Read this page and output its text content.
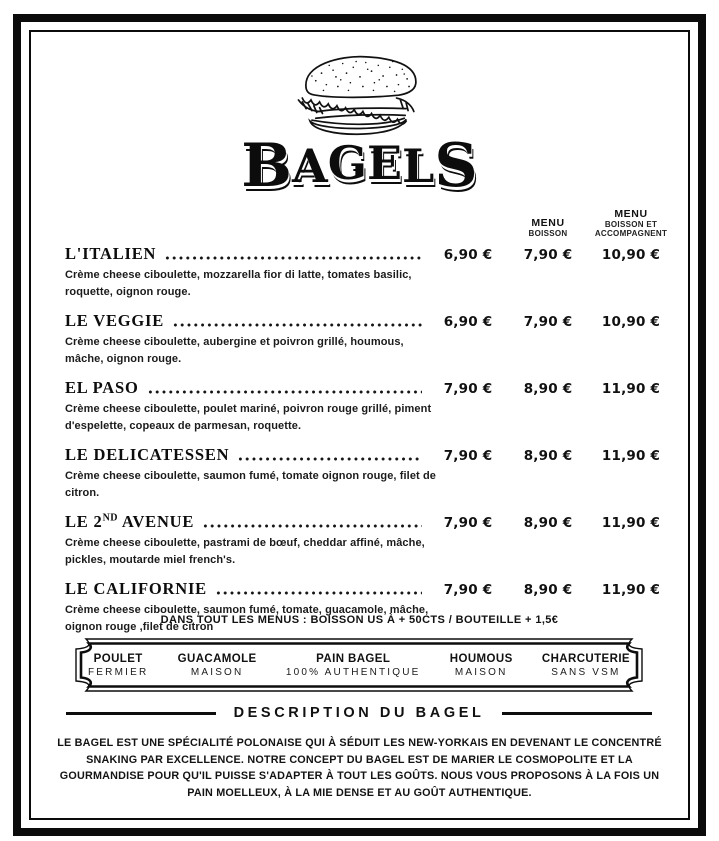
BAGELS
MENU
BOISSON
MENU
BOISSON ET
ACCOMPAGNENT
L'ITALIEN	6,90 €	7,90 €	10,90 €
Crème cheese ciboulette, mozzarella fior di latte, tomates basilic, roquette, oignon rouge.
LE VEGGIE	6,90 €	7,90 €	10,90 €
Crème cheese ciboulette, aubergine et poivron grillé, houmous, mâche, oignon rouge.
EL PASO	7,90 €	8,90 €	11,90 €
Crème cheese ciboulette, poulet mariné, poivron rouge grillé, piment d'espelette, copeaux de parmesan, roquette.
LE DELICATESSEN	7,90 €	8,90 €	11,90 €
Crème cheese ciboulette, saumon fumé, tomate oignon rouge, filet de citron.
LE 2ND AVENUE	7,90 €	8,90 €	11,90 €
Crème cheese ciboulette, pastrami de bœuf, cheddar affiné, mâche, pickles, moutarde miel french's.
LE CALIFORNIE	7,90 €	8,90 €	11,90 €
Crème cheese ciboulette, saumon fumé, tomate, guacamole, mâche, oignon rouge ,filet de citron
DANS TOUT LES MENUS : BOISSON US À + 50CTS / BOUTEILLE + 1,5€
POULET
FERMIER
GUACAMOLE
MAISON
PAIN BAGEL
100% AUTHENTIQUE
HOUMOUS
MAISON
CHARCUTERIE
SANS VSM
DESCRIPTION DU BAGEL

LE BAGEL EST UNE SPÉCIALITÉ POLONAISE QUI À SÉDUIT LES NEW-YORKAIS EN DEVENANT LE CONCENTRÉ SNAKING PAR EXCELLENCE. NOTRE CONCEPT DU BAGEL EST DE MARIER LE COSMOPOLITE ET LA GOURMANDISE POUR QU'IL PUISSE S'ADAPTER À TOUT LES GOÛTS. NOUS VOUS PROPOSONS À LA FOIS UN PAIN MOELLEUX, À LA MIE DENSE ET AU GOÛT AUTHENTIQUE.
